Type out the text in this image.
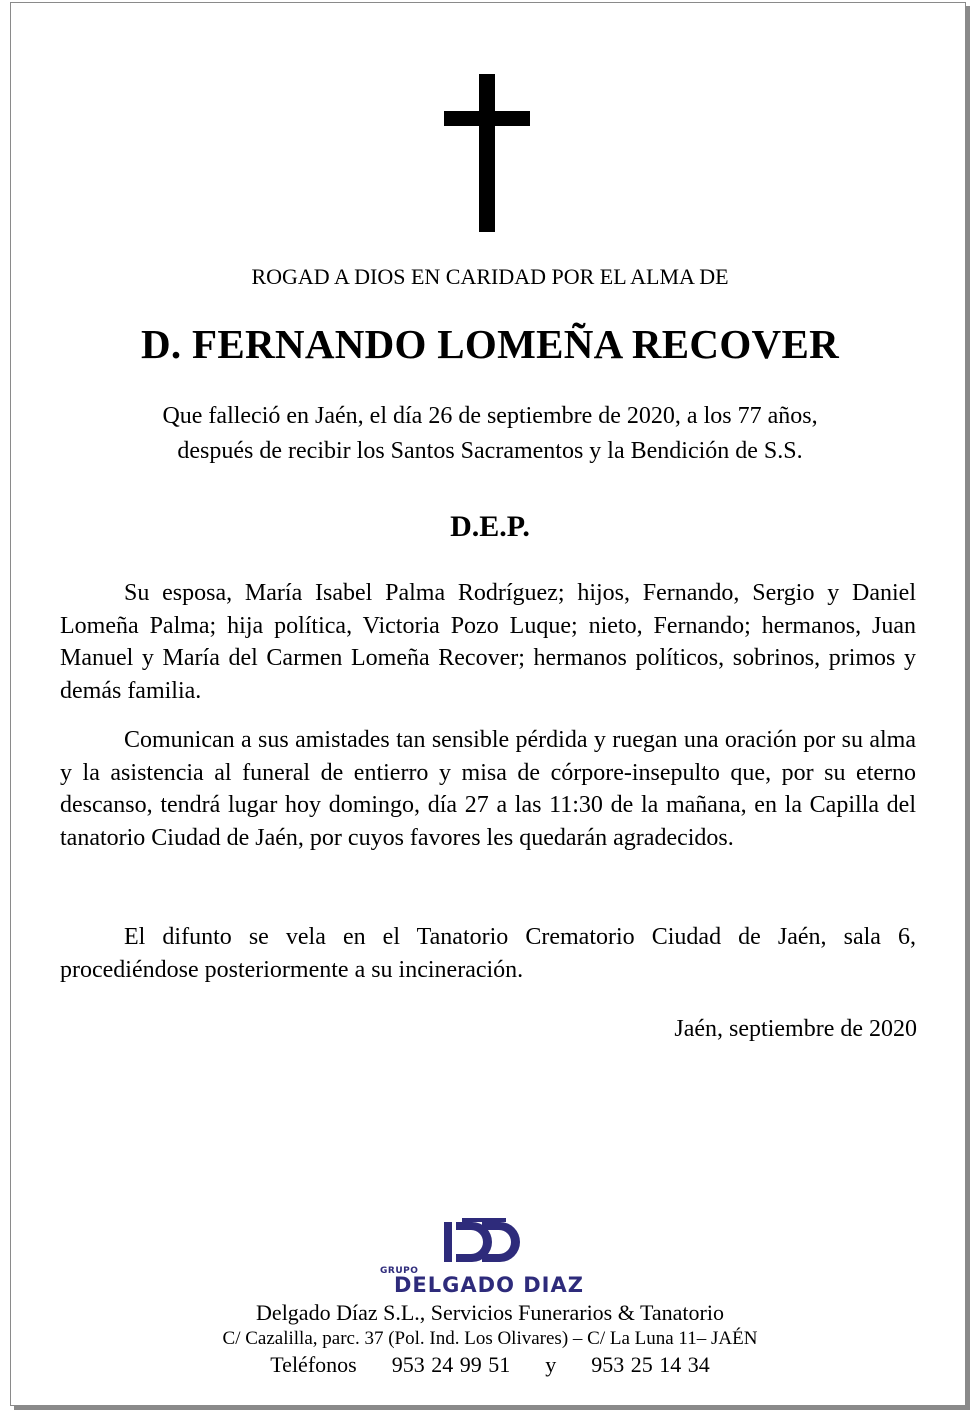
ROGAD A DIOS EN CARIDAD POR EL ALMA DE
D. FERNANDO LOMEÑA RECOVER
Que falleció en Jaén, el día 26 de septiembre de 2020, a los 77 años,
después de recibir los Santos Sacramentos y la Bendición de S.S.
D.E.P.

Su esposa, María Isabel Palma Rodríguez; hijos, Fernando, Sergio y Daniel Lomeña Palma; hija política, Victoria Pozo Luque; nieto, Fernando; hermanos, Juan Manuel y María del Carmen Lomeña Recover; hermanos políticos, sobrinos, primos y demás familia.

Comunican a sus amistades tan sensible pérdida y ruegan una oración por su alma y la asistencia al funeral de entierro y misa de córpore-insepulto que, por su eterno descanso, tendrá lugar hoy domingo, día 27 a las 11:30 de la mañana, en la Capilla del tanatorio Ciudad de Jaén, por cuyos favores les quedarán agradecidos.

El difunto se vela en el Tanatorio Crematorio Ciudad de Jaén, sala 6, procediéndose posteriormente a su incineración.

Jaén, septiembre de 2020
GRUPO
DELGADO DIAZ
Delgado Díaz S.L., Servicios Funerarios & Tanatorio
C/ Cazalilla, parc. 37 (Pol. Ind. Los Olivares) – C/ La Luna 11– JAÉN
Teléfonos 953 24 99 51 y 953 25 14 34
